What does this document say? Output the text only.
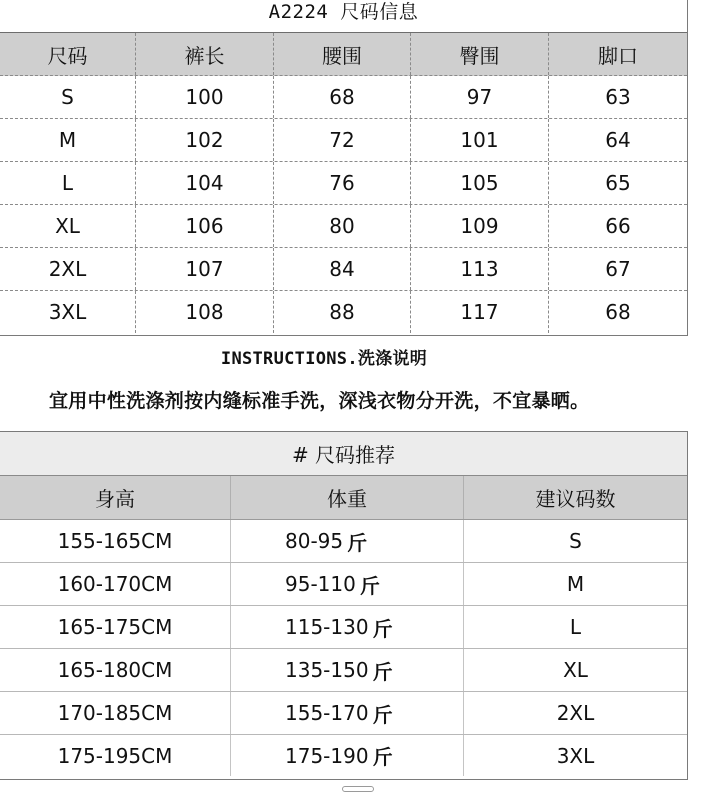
A2224 尺码信息
尺码	裤长	腰围	臀围	脚口
S	100	68	97	63
M	102	72	101	64
L	104	76	105	65
XL	106	80	109	66
2XL	107	84	113	67
3XL	108	88	117	68
INSTRUCTIONS.洗涤说明
宜用中性洗涤剂按内缝标准手洗，深浅衣物分开洗，不宜暴晒。
# 尺码推荐
身高	体重	建议码数
155-165CM	80-95 斤	S
160-170CM	95-110 斤	M
165-175CM	115-130 斤	L
165-180CM	135-150 斤	XL
170-185CM	155-170 斤	2XL
175-195CM	175-190 斤	3XL
